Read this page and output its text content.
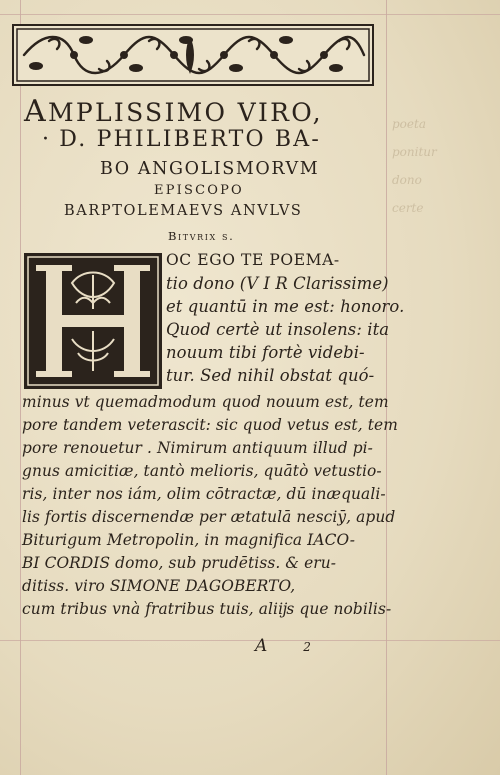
poeta
ponitur
dono
certe
AMPLISSIMO VIRO,
· D. PHILIBERTO BA-
BO ANGOLISMORVM
EPISCOPO
BARPTOLEMAEVS ANVLVS
Bitvrix s.
OC EGO TE POEMA-
tio dono (V I R Clarissime)
et quantū in me est: honoro.
Quod certè ut insolens: ita
nouum tibi fortè videbi-
tur. Sed nihil obstat quó-
minus vt quemadmodum quod nouum est, tem
pore tandem veterascit: sic quod vetus est, tem
pore renouetur . Nimirum antiquum illud pi-
gnus amicitiæ, tantò melioris, quātò vetustio-
ris, inter nos iám, olim cōtractæ, dū inæquali-
lis fortis discernendæ per ætatulā nesciȳ, apud
Biturigum Metropolin, in magnifica IACO-
BI CORDIS domo, sub prudētiss. & eru-
ditiss. viro SIMONE DAGOBERTO,
cum tribus vnà fratribus tuis, aliĳs que nobilis-
A	2
